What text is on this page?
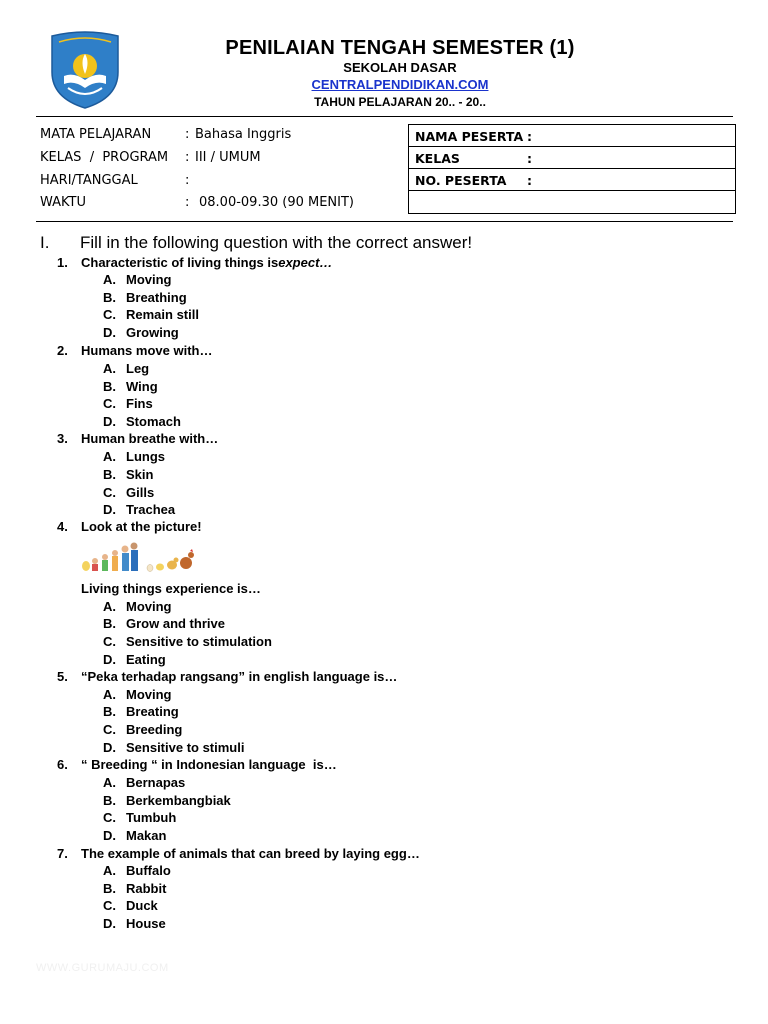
PENILAIAN TENGAH SEMESTER (1)
SEKOLAH DASAR
CENTRALPENDIDIKAN.COM
TAHUN PELAJARAN 20.. - 20..
MATA PELAJARAN	: Bahasa Inggris
KELAS  /  PROGRAM : III / UMUM
HARI/TANGGAL	:
WAKTU	: 08.00-09.30 (90 MENIT)
NAMA PESERTA :
KELAS	:
NO. PESERTA :
I. Fill in the following question with the correct answer!
1. Characteristic of living things isexpect…
A. Moving
B. Breathing
C. Remain still
D. Growing
2. Humans move with…
A. Leg
B. Wing
C. Fins
D. Stomach
3. Human breathe with…
A. Lungs
B. Skin
C. Gills
D. Trachea
4. Look at the picture!
Living things experience is…
A. Moving
B. Grow and thrive
C. Sensitive to stimulation
D. Eating
5. “Peka terhadap rangsang” in english language is…
A. Moving
B. Breating
C. Breeding
D. Sensitive to stimuli
6. “ Breeding “ in Indonesian language  is…
A. Bernapas
B. Berkembangbiak
C. Tumbuh
D. Makan
7. The example of animals that can breed by laying egg…
A. Buffalo
B. Rabbit
C. Duck
D. House
WWW.GURUMAJU.COM
